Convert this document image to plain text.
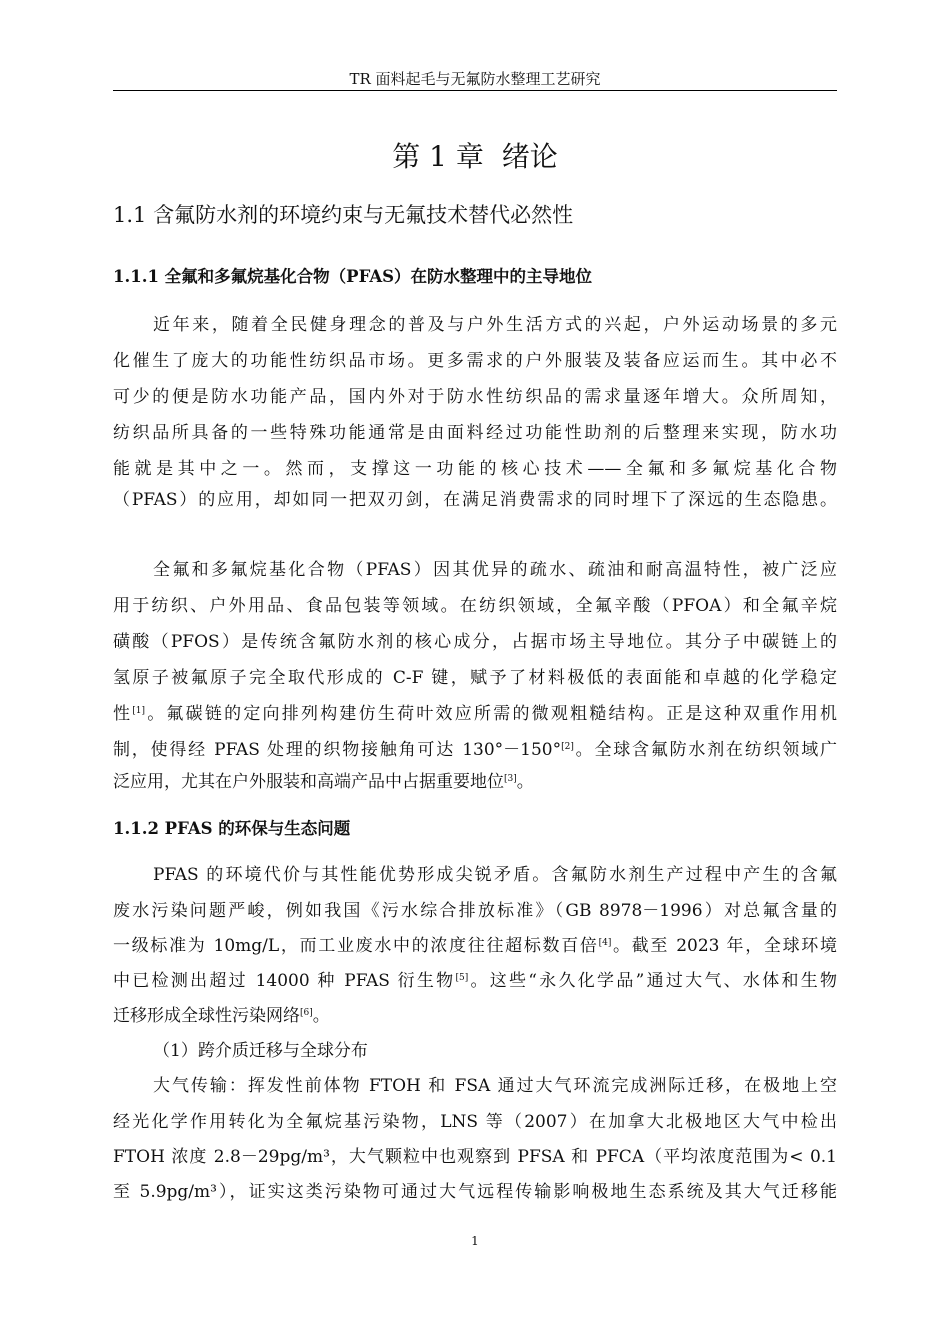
TR 面料起毛与无氟防水整理工艺研究
第 1 章  绪论
1.1 含氟防水剂的环境约束与无氟技术替代必然性
1.1.1 全氟和多氟烷基化合物（PFAS）在防水整理中的主导地位
近年来，随着全民健身理念的普及与户外生活方式的兴起，户外运动场景的多元
化催生了庞大的功能性纺织品市场。更多需求的户外服装及装备应运而生。其中必不
可少的便是防水功能产品，国内外对于防水性纺织品的需求量逐年增大。众所周知，
纺织品所具备的一些特殊功能通常是由面料经过功能性助剂的后整理来实现，防水功
能就是其中之一。然而，支撑这一功能的核心技术——全氟和多氟烷基化合物
（PFAS）的应用，却如同一把双刃剑，在满足消费需求的同时埋下了深远的生态隐患。
全氟和多氟烷基化合物（PFAS）因其优异的疏水、疏油和耐高温特性，被广泛应
用于纺织、户外用品、食品包装等领域。在纺织领域，全氟辛酸（PFOA）和全氟辛烷
磺酸（PFOS）是传统含氟防水剂的核心成分，占据市场主导地位。其分子中碳链上的
氢原子被氟原子完全取代形成的 C-F 键，赋予了材料极低的表面能和卓越的化学稳定
性[1]。氟碳链的定向排列构建仿生荷叶效应所需的微观粗糙结构。正是这种双重作用机
制，使得经 PFAS 处理的织物接触角可达 130°－150°[2]。全球含氟防水剂在纺织领域广
泛应用，尤其在户外服装和高端产品中占据重要地位[3]。
1.1.2 PFAS 的环保与生态问题
PFAS 的环境代价与其性能优势形成尖锐矛盾。含氟防水剂生产过程中产生的含氟
废水污染问题严峻，例如我国《污水综合排放标准》（GB 8978－1996）对总氟含量的
一级标准为 10mg/L，而工业废水中的浓度往往超标数百倍[4]。截至 2023 年，全球环境
中已检测出超过 14000 种 PFAS 衍生物[5]。这些“永久化学品”通过大气、水体和生物
迁移形成全球性污染网络[6]。
（1）跨介质迁移与全球分布
大气传输：挥发性前体物 FTOH 和 FSA 通过大气环流完成洲际迁移，在极地上空
经光化学作用转化为全氟烷基污染物，LNS 等（2007）在加拿大北极地区大气中检出
FTOH 浓度 2.8－29pg/m³，大气颗粒中也观察到 PFSA 和 PFCA（平均浓度范围为< 0.1
至 5.9pg/m³），证实这类污染物可通过大气远程传输影响极地生态系统及其大气迁移能
1
